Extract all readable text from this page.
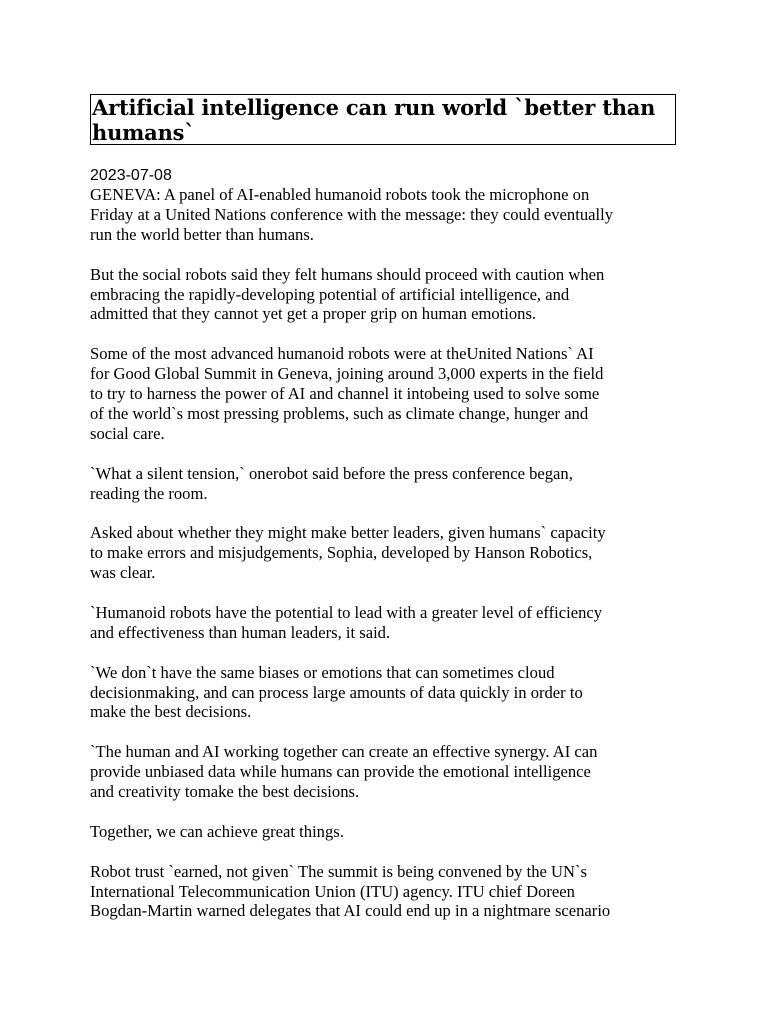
Artificial intelligence can run world `better than
humans`
2023-07-08

GENEVA: A panel of AI-enabled humanoid robots took the microphone on
Friday at a United Nations conference with the message: they could eventually
run the world better than humans.

But the social robots said they felt humans should proceed with caution when
embracing the rapidly-developing potential of artificial intelligence, and
admitted that they cannot yet get a proper grip on human emotions.

Some of the most advanced humanoid robots were at theUnited Nations` AI
for Good Global Summit in Geneva, joining around 3,000 experts in the field
to try to harness the power of AI and channel it intobeing used to solve some
of the world`s most pressing problems, such as climate change, hunger and
social care.

`What a silent tension,` onerobot said before the press conference began,
reading the room.

Asked about whether they might make better leaders, given humans` capacity
to make errors and misjudgements, Sophia, developed by Hanson Robotics,
was clear.

`Humanoid robots have the potential to lead with a greater level of efficiency
and effectiveness than human leaders, it said.

`We don`t have the same biases or emotions that can sometimes cloud
decisionmaking, and can process large amounts of data quickly in order to
make the best decisions.

`The human and AI working together can create an effective synergy. AI can
provide unbiased data while humans can provide the emotional intelligence
and creativity tomake the best decisions.

Together, we can achieve great things.

Robot trust `earned, not given` The summit is being convened by the UN`s
International Telecommunication Union (ITU) agency. ITU chief Doreen
Bogdan-Martin warned delegates that AI could end up in a nightmare scenario
